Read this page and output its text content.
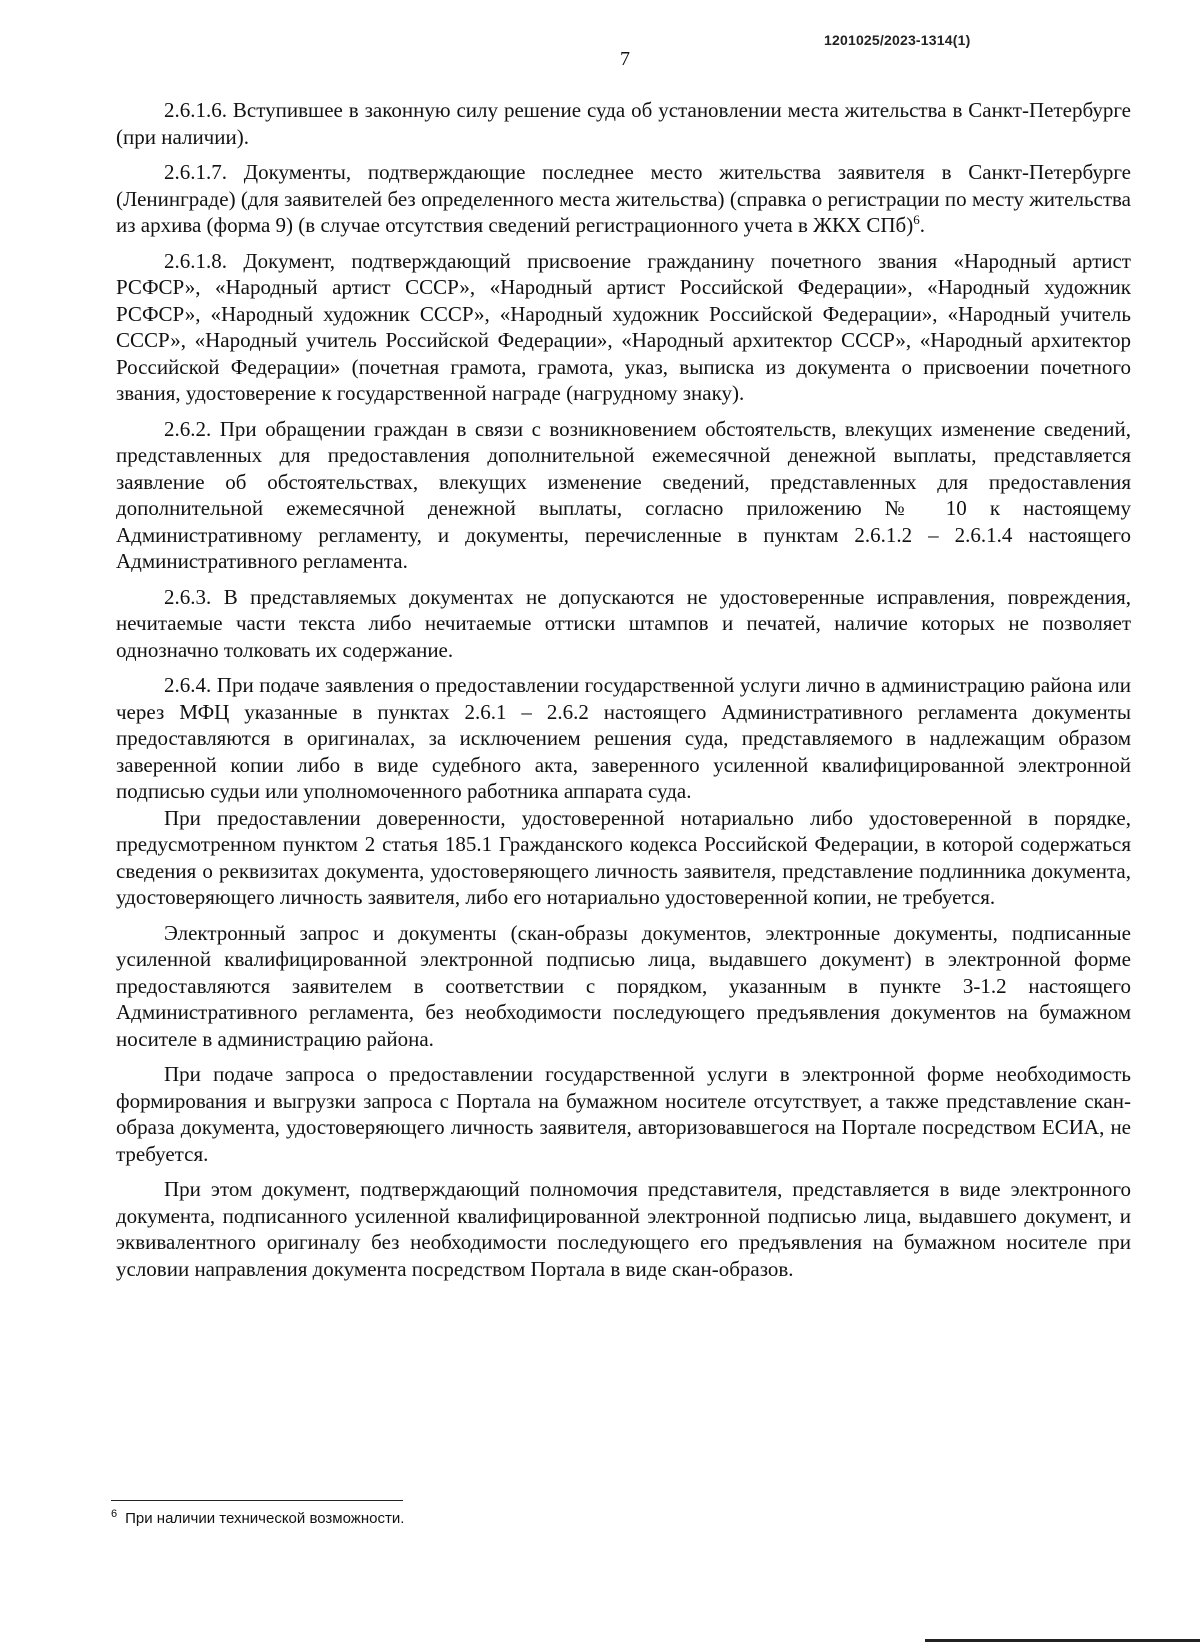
1201025/2023-1314(1)
7

2.6.1.6. Вступившее в законную силу решение суда об установлении места жительства в Санкт-Петербурге (при наличии).

2.6.1.7. Документы, подтверждающие последнее место жительства заявителя в Санкт-Петербурге (Ленинграде) (для заявителей без определенного места жительства) (справка о регистрации по месту жительства из архива (форма 9) (в случае отсутствия сведений регистрационного учета в ЖКХ СПб)$^6$.

2.6.1.8. Документ, подтверждающий присвоение гражданину почетного звания «Народный артист РСФСР», «Народный артист СССР», «Народный артист Российской Федерации», «Народный художник РСФСР», «Народный художник СССР», «Народный художник Российской Федерации», «Народный учитель СССР», «Народный учитель Российской Федерации», «Народный архитектор СССР», «Народный архитектор Российской Федерации» (почетная грамота, грамота, указ, выписка из документа о присвоении почетного звания, удостоверение к государственной награде (нагрудному знаку).

2.6.2. При обращении граждан в связи с возникновением обстоятельств, влекущих изменение сведений, представленных для предоставления дополнительной ежемесячной денежной выплаты, представляется заявление об обстоятельствах, влекущих изменение сведений, представленных для предоставления дополнительной ежемесячной денежной выплаты, согласно приложению № 10 к настоящему Административному регламенту, и документы, перечисленные в пунктам 2.6.1.2 – 2.6.1.4 настоящего Административного регламента.

2.6.3. В представляемых документах не допускаются не удостоверенные исправления, повреждения, нечитаемые части текста либо нечитаемые оттиски штампов и печатей, наличие которых не позволяет однозначно толковать их содержание.

2.6.4. При подаче заявления о предоставлении государственной услуги лично в администрацию района или через МФЦ указанные в пунктах 2.6.1 – 2.6.2 настоящего Административного регламента документы предоставляются в оригиналах, за исключением решения суда, представляемого в надлежащим образом заверенной копии либо в виде судебного акта, заверенного усиленной квалифицированной электронной подписью судьи или уполномоченного работника аппарата суда.

При предоставлении доверенности, удостоверенной нотариально либо удостоверенной в порядке, предусмотренном пунктом 2 статья 185.1 Гражданского кодекса Российской Федерации, в которой содержаться сведения о реквизитах документа, удостоверяющего личность заявителя, представление подлинника документа, удостоверяющего личность заявителя, либо его нотариально удостоверенной копии, не требуется.

Электронный запрос и документы (скан-образы документов, электронные документы, подписанные усиленной квалифицированной электронной подписью лица, выдавшего документ) в электронной форме предоставляются заявителем в соответствии с порядком, указанным в пункте 3-1.2 настоящего Административного регламента, без необходимости последующего предъявления документов на бумажном носителе в администрацию района.

При подаче запроса о предоставлении государственной услуги в электронной форме необходимость формирования и выгрузки запроса с Портала на бумажном носителе отсутствует, а также представление скан-образа документа, удостоверяющего личность заявителя, авторизовавшегося на Портале посредством ЕСИА, не требуется.

При этом документ, подтверждающий полномочия представителя, представляется в виде электронного документа, подписанного усиленной квалифицированной электронной подписью лица, выдавшего документ, и эквивалентного оригиналу без необходимости последующего его предъявления на бумажном носителе при условии направления документа посредством Портала в виде скан-образов.

$^6$ При наличии технической возможности.
